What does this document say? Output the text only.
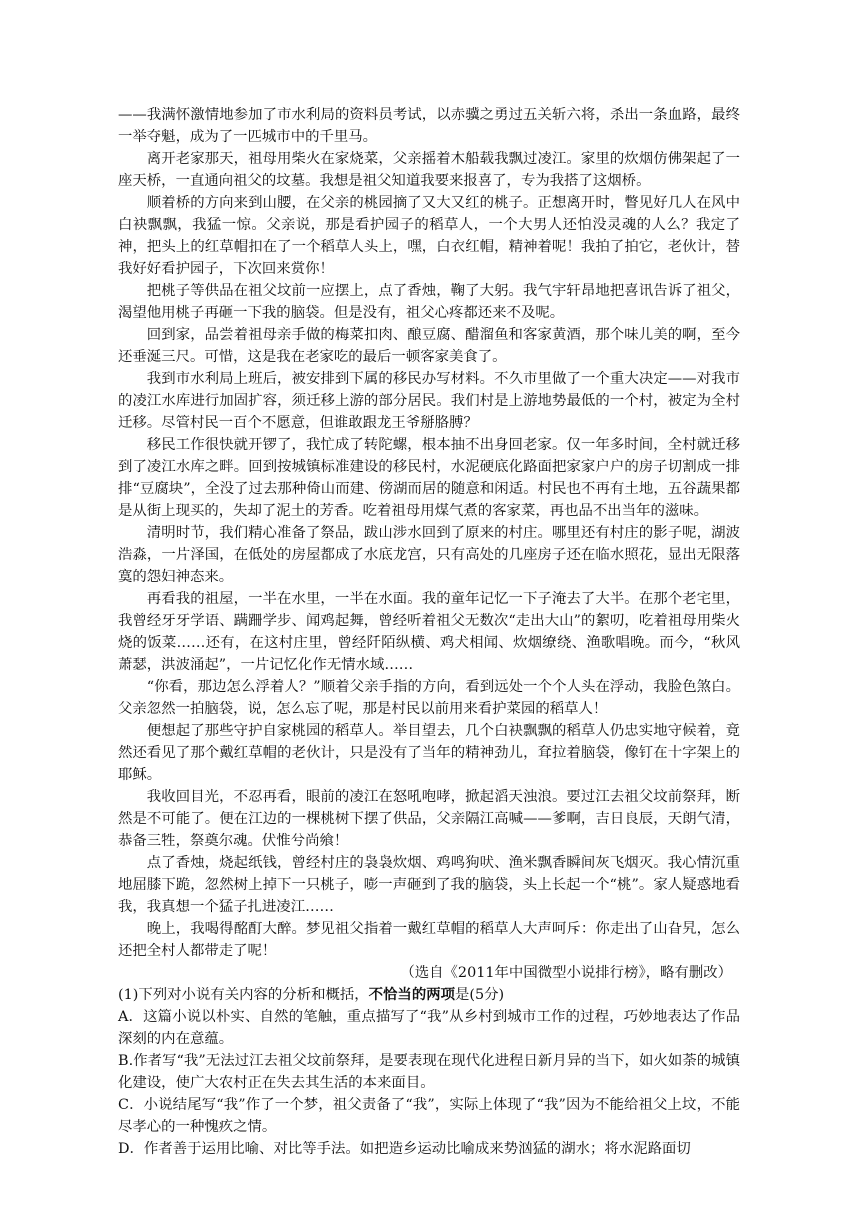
——我满怀激情地参加了市水利局的资料员考试，以赤骥之勇过五关斩六将，杀出一条血路，最终一举夺魁，成为了一匹城市中的千里马。

离开老家那天，祖母用柴火在家烧菜，父亲摇着木船载我飘过凌江。家里的炊烟仿佛架起了一座天桥，一直通向祖父的坟墓。我想是祖父知道我要来报喜了，专为我搭了这烟桥。

顺着桥的方向来到山腰，在父亲的桃园摘了又大又红的桃子。正想离开时，瞥见好几人在风中白袂飘飘，我猛一惊。父亲说，那是看护园子的稻草人，一个大男人还怕没灵魂的人么？我定了神，把头上的红草帽扣在了一个稻草人头上，嘿，白衣红帽，精神着呢！我拍了拍它，老伙计，替我好好看护园子，下次回来赏你！

把桃子等供品在祖父坟前一应摆上，点了香烛，鞠了大躬。我气宇轩昂地把喜讯告诉了祖父，渴望他用桃子再砸一下我的脑袋。但是没有，祖父心疼都还来不及呢。

回到家，品尝着祖母亲手做的梅菜扣肉、酿豆腐、醋溜鱼和客家黄酒，那个味儿美的啊，至今还垂涎三尺。可惜，这是我在老家吃的最后一顿客家美食了。

我到市水利局上班后，被安排到下属的移民办写材料。不久市里做了一个重大决定——对我市的凌江水库进行加固扩容，须迁移上游的部分居民。我们村是上游地势最低的一个村，被定为全村迁移。尽管村民一百个不愿意，但谁敢跟龙王爷掰胳膊？

移民工作很快就开锣了，我忙成了转陀螺，根本抽不出身回老家。仅一年多时间，全村就迁移到了凌江水库之畔。回到按城镇标准建设的移民村，水泥硬底化路面把家家户户的房子切割成一排排“豆腐块”，全没了过去那种倚山而建、傍湖而居的随意和闲适。村民也不再有土地，五谷蔬果都是从街上现买的，失却了泥土的芳香。吃着祖母用煤气煮的客家菜，再也品不出当年的滋味。

清明时节，我们精心准备了祭品，跋山涉水回到了原来的村庄。哪里还有村庄的影子呢，湖波浩淼，一片泽国，在低处的房屋都成了水底龙宫，只有高处的几座房子还在临水照花，显出无限落寞的怨妇神态来。

再看我的祖屋，一半在水里，一半在水面。我的童年记忆一下子淹去了大半。在那个老宅里，我曾经牙牙学语、蹒跚学步、闻鸡起舞，曾经听着祖父无数次“走出大山”的絮叨，吃着祖母用柴火烧的饭菜……还有，在这村庄里，曾经阡陌纵横、鸡犬相闻、炊烟缭绕、渔歌唱晚。而今，“秋风萧瑟，洪波涌起”，一片记忆化作无情水域……

“你看，那边怎么浮着人？”顺着父亲手指的方向，看到远处一个个人头在浮动，我脸色煞白。父亲忽然一拍脑袋，说，怎么忘了呢，那是村民以前用来看护菜园的稻草人！

便想起了那些守护自家桃园的稻草人。举目望去，几个白袂飘飘的稻草人仍忠实地守候着，竟然还看见了那个戴红草帽的老伙计，只是没有了当年的精神劲儿，耷拉着脑袋，像钉在十字架上的耶稣。

我收回目光，不忍再看，眼前的凌江在怒吼咆哮，掀起滔天浊浪。要过江去祖父坟前祭拜，断然是不可能了。便在江边的一棵桃树下摆了供品，父亲隔江高喊——爹啊，吉日良辰，天朗气清，恭备三牲，祭奠尔魂。伏惟兮尚飨！

点了香烛，烧起纸钱，曾经村庄的袅袅炊烟、鸡鸣狗吠、渔米飘香瞬间灰飞烟灭。我心情沉重地屈膝下跪，忽然树上掉下一只桃子，嘭一声砸到了我的脑袋，头上长起一个“桃”。家人疑惑地看我，我真想一个猛子扎进凌江……

晚上，我喝得酩酊大醉。梦见祖父指着一戴红草帽的稻草人大声呵斥：你走出了山旮旯，怎么还把全村人都带走了呢！

（选自《2011年中国微型小说排行榜》，略有删改）

(1)下列对小说有关内容的分析和概括，不恰当的两项是(5分)

A．这篇小说以朴实、自然的笔触，重点描写了“我”从乡村到城市工作的过程，巧妙地表达了作品深刻的内在意蕴。

B.作者写“我”无法过江去祖父坟前祭拜，是要表现在现代化进程日新月异的当下，如火如荼的城镇化建设，使广大农村正在失去其生活的本来面目。

C．小说结尾写“我”作了一个梦，祖父责备了“我”，实际上体现了“我”因为不能给祖父上坟，不能尽孝心的一种愧疚之情。

D．作者善于运用比喻、对比等手法。如把造乡运动比喻成来势汹猛的湖水；将水泥路面切
